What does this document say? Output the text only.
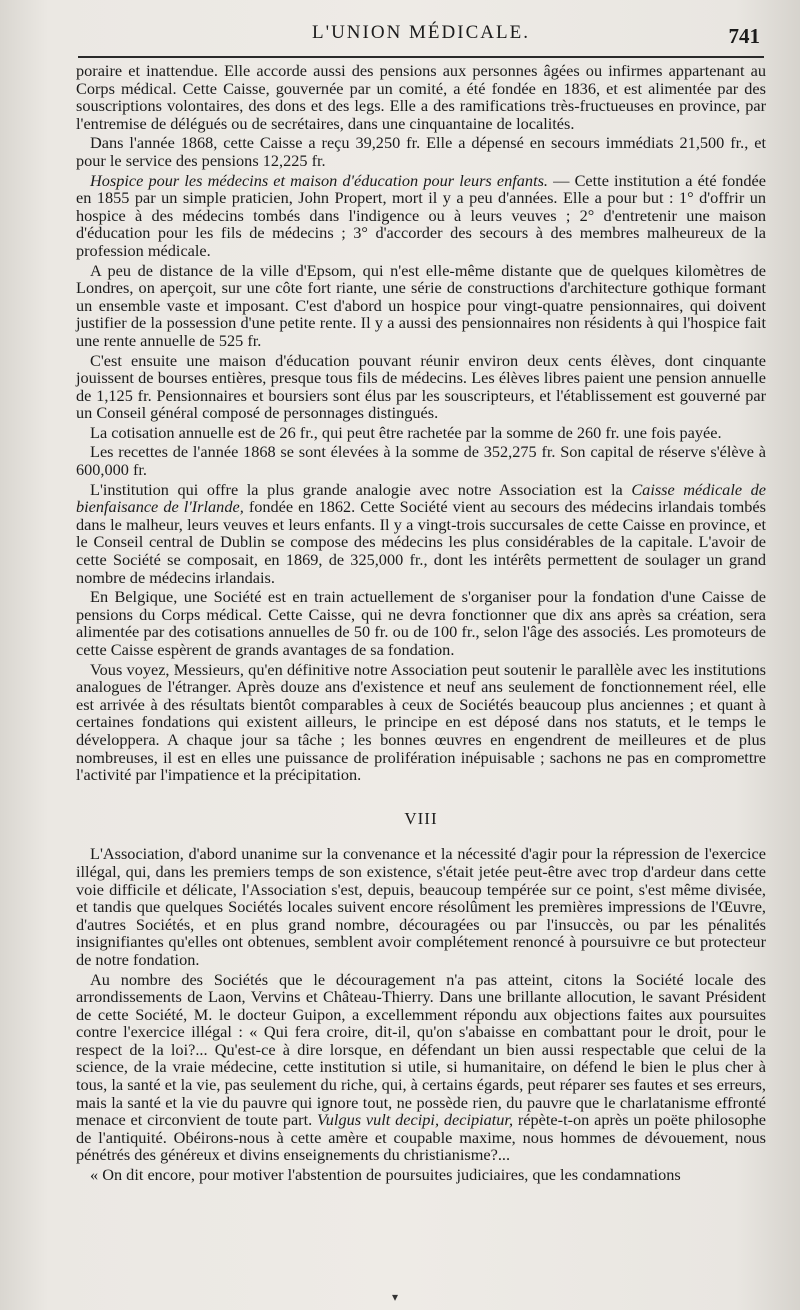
L'UNION MÉDICALE.	741

poraire et inattendue. Elle accorde aussi des pensions aux personnes âgées ou infirmes appartenant au Corps médical. Cette Caisse, gouvernée par un comité, a été fondée en 1836, et est alimentée par des souscriptions volontaires, des dons et des legs. Elle a des ramifications très-fructueuses en province, par l'entremise de délégués ou de secrétaires, dans une cinquantaine de localités.

Dans l'année 1868, cette Caisse a reçu 39,250 fr. Elle a dépensé en secours immédiats 21,500 fr., et pour le service des pensions 12,225 fr.

Hospice pour les médecins et maison d'éducation pour leurs enfants. — Cette institution a été fondée en 1855 par un simple praticien, John Propert, mort il y a peu d'années. Elle a pour but : 1° d'offrir un hospice à des médecins tombés dans l'indigence ou à leurs veuves ; 2° d'entretenir une maison d'éducation pour les fils de médecins ; 3° d'accorder des secours à des membres malheureux de la profession médicale.

A peu de distance de la ville d'Epsom, qui n'est elle-même distante que de quelques kilomètres de Londres, on aperçoit, sur une côte fort riante, une série de constructions d'architecture gothique formant un ensemble vaste et imposant. C'est d'abord un hospice pour vingt-quatre pensionnaires, qui doivent justifier de la possession d'une petite rente. Il y a aussi des pensionnaires non résidents à qui l'hospice fait une rente annuelle de 525 fr.

C'est ensuite une maison d'éducation pouvant réunir environ deux cents élèves, dont cinquante jouissent de bourses entières, presque tous fils de médecins. Les élèves libres paient une pension annuelle de 1,125 fr. Pensionnaires et boursiers sont élus par les souscripteurs, et l'établissement est gouverné par un Conseil général composé de personnages distingués.

La cotisation annuelle est de 26 fr., qui peut être rachetée par la somme de 260 fr. une fois payée.

Les recettes de l'année 1868 se sont élevées à la somme de 352,275 fr. Son capital de réserve s'élève à 600,000 fr.

L'institution qui offre la plus grande analogie avec notre Association est la Caisse médicale de bienfaisance de l'Irlande, fondée en 1862. Cette Société vient au secours des médecins irlandais tombés dans le malheur, leurs veuves et leurs enfants. Il y a vingt-trois succursales de cette Caisse en province, et le Conseil central de Dublin se compose des médecins les plus considérables de la capitale. L'avoir de cette Société se composait, en 1869, de 325,000 fr., dont les intérêts permettent de soulager un grand nombre de médecins irlandais.

En Belgique, une Société est en train actuellement de s'organiser pour la fondation d'une Caisse de pensions du Corps médical. Cette Caisse, qui ne devra fonctionner que dix ans après sa création, sera alimentée par des cotisations annuelles de 50 fr. ou de 100 fr., selon l'âge des associés. Les promoteurs de cette Caisse espèrent de grands avantages de sa fondation.

Vous voyez, Messieurs, qu'en définitive notre Association peut soutenir le parallèle avec les institutions analogues de l'étranger. Après douze ans d'existence et neuf ans seulement de fonctionnement réel, elle est arrivée à des résultats bientôt comparables à ceux de Sociétés beaucoup plus anciennes ; et quant à certaines fondations qui existent ailleurs, le principe en est déposé dans nos statuts, et le temps le développera. A chaque jour sa tâche ; les bonnes œuvres en engendrent de meilleures et de plus nombreuses, il est en elles une puissance de prolifération inépuisable ; sachons ne pas en compromettre l'activité par l'impatience et la précipitation.

VIII

L'Association, d'abord unanime sur la convenance et la nécessité d'agir pour la répression de l'exercice illégal, qui, dans les premiers temps de son existence, s'était jetée peut-être avec trop d'ardeur dans cette voie difficile et délicate, l'Association s'est, depuis, beaucoup tempérée sur ce point, s'est même divisée, et tandis que quelques Sociétés locales suivent encore résolûment les premières impressions de l'Œuvre, d'autres Sociétés, et en plus grand nombre, découragées ou par l'insuccès, ou par les pénalités insignifiantes qu'elles ont obtenues, semblent avoir complétement renoncé à poursuivre ce but protecteur de notre fondation.

Au nombre des Sociétés que le découragement n'a pas atteint, citons la Société locale des arrondissements de Laon, Vervins et Château-Thierry. Dans une brillante allocution, le savant Président de cette Société, M. le docteur Guipon, a excellemment répondu aux objections faites aux poursuites contre l'exercice illégal : « Qui fera croire, dit-il, qu'on s'abaisse en combattant pour le droit, pour le respect de la loi?... Qu'est-ce à dire lorsque, en défendant un bien aussi respectable que celui de la science, de la vraie médecine, cette institution si utile, si humanitaire, on défend le bien le plus cher à tous, la santé et la vie, pas seulement du riche, qui, à certains égards, peut réparer ses fautes et ses erreurs, mais la santé et la vie du pauvre qui ignore tout, ne possède rien, du pauvre que le charlatanisme effronté menace et circonvient de toute part. Vulgus vult decipi, decipiatur, répète-t-on après un poëte philosophe de l'antiquité. Obéirons-nous à cette amère et coupable maxime, nous hommes de dévouement, nous pénétrés des généreux et divins enseignements du christianisme?...

« On dit encore, pour motiver l'abstention de poursuites judiciaires, que les condamnations

▾
